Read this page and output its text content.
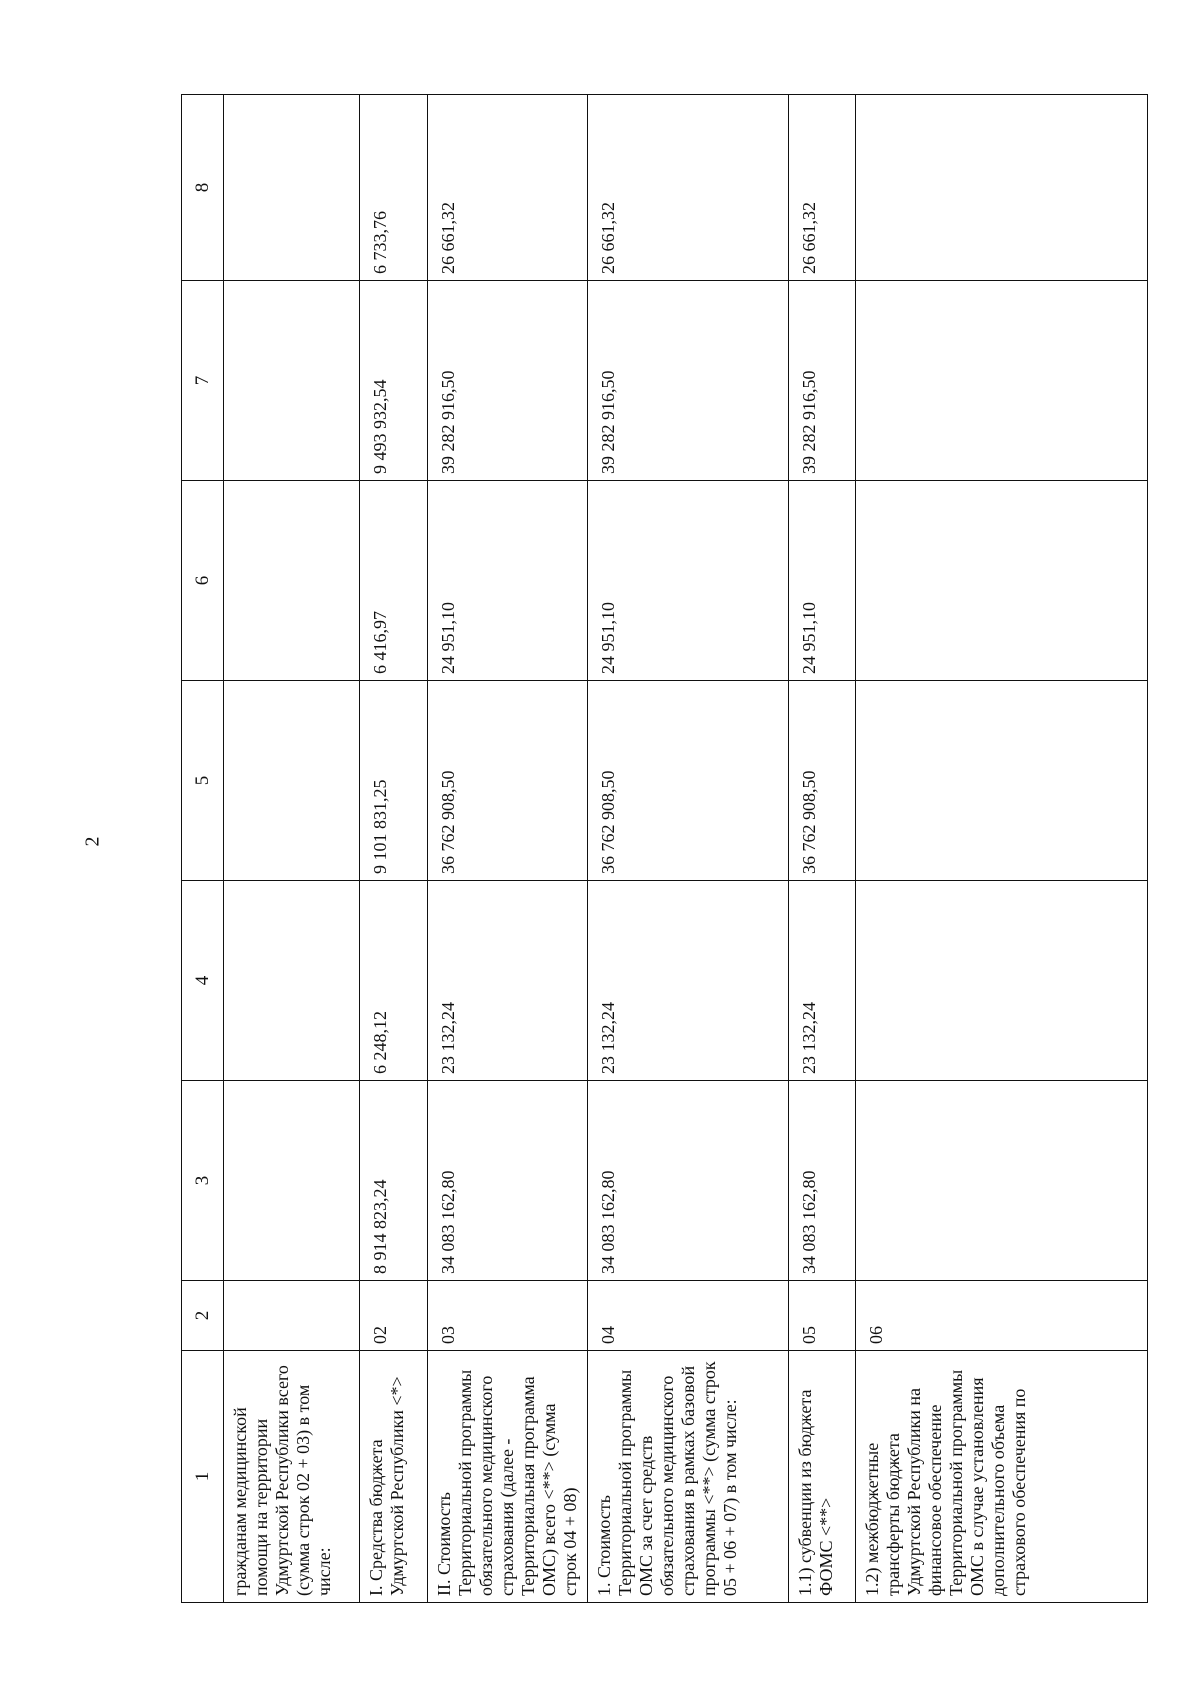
2
1	2	3	4	5	6	7	8
гражданам медицинской помощи на территории Удмуртской Республики всего (сумма строк 02 + 03) в том числе:							
I. Средства бюджета Удмуртской Республики <*>	02	8 914 823,24	6 248,12	9 101 831,25	6 416,97	9 493 932,54	6 733,76
II. Стоимость Территориальной программы обязательного медицинского страхования (далее - Территориальная программа ОМС) всего <**> (сумма строк 04 + 08)	03	34 083 162,80	23 132,24	36 762 908,50	24 951,10	39 282 916,50	26 661,32
1. Стоимость Территориальной программы ОМС за счет средств обязательного медицинского страхования в рамках базовой программы <**> (сумма строк 05 + 06 + 07) в том числе:	04	34 083 162,80	23 132,24	36 762 908,50	24 951,10	39 282 916,50	26 661,32
1.1) субвенции из бюджета ФОМС <**>	05	34 083 162,80	23 132,24	36 762 908,50	24 951,10	39 282 916,50	26 661,32
1.2) межбюджетные трансферты бюджета Удмуртской Республики на финансовое обеспечение Территориальной программы ОМС в случае установления дополнительного объема страхового обеспечения по	06						
